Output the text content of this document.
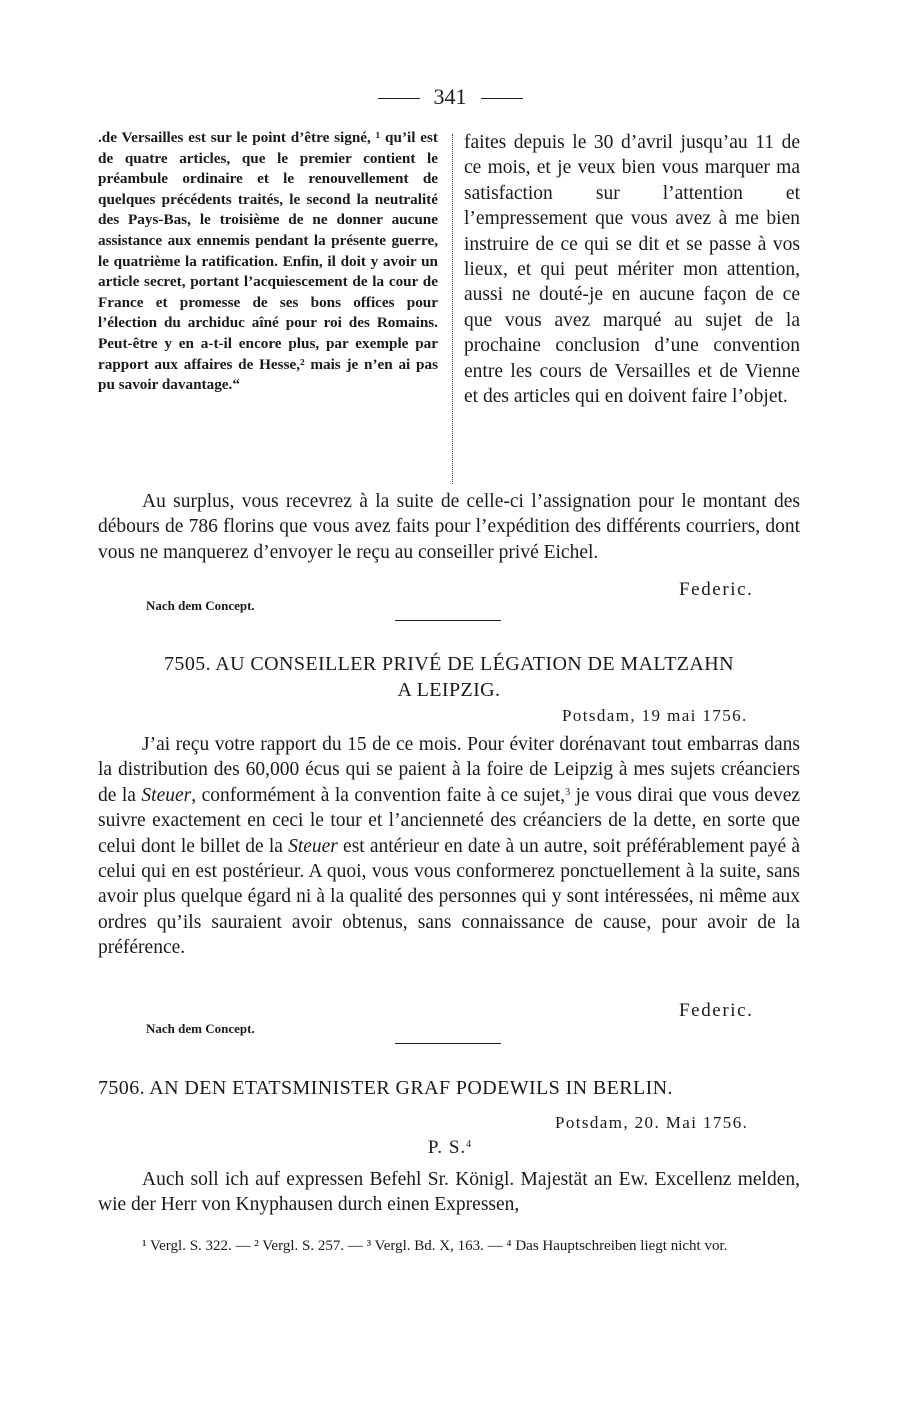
341
.de Versailles est sur le point d’être signé, ¹ qu’il est de quatre articles, que le premier contient le préambule ordinaire et le renouvellement de quelques précédents traités, le second la neutralité des Pays-Bas, le troisième de ne donner aucune assistance aux ennemis pendant la présente guerre, le quatrième la ratification. Enfin, il doit y avoir un article secret, portant l’acquiescement de la cour de France et promesse de ses bons offices pour l’élection du archiduc aîné pour roi des Romains. Peut-être y en a-t-il encore plus, par exemple par rapport aux affaires de Hesse,² mais je n’en ai pas pu savoir davantage.“
faites depuis le 30 d’avril jusqu’au 11 de ce mois, et je veux bien vous marquer ma satisfaction sur l’attention et l’empressement que vous avez à me bien instruire de ce qui se dit et se passe à vos lieux, et qui peut mériter mon attention, aussi ne douté-je en aucune façon de ce que vous avez marqué au sujet de la prochaine conclusion d’une convention entre les cours de Versailles et de Vienne et des articles qui en doivent faire l’objet.
Au surplus, vous recevrez à la suite de celle-ci l’assignation pour le montant des débours de 786 florins que vous avez faits pour l’expédition des différents courriers, dont vous ne manquerez d’envoyer le reçu au conseiller privé Eichel.
Federic.
Nach dem Concept.
7505. AU CONSEILLER PRIVÉ DE LÉGATION DE MALTZAHN
A LEIPZIG.
Potsdam, 19 mai 1756.
J’ai reçu votre rapport du 15 de ce mois. Pour éviter dorénavant tout embarras dans la distribution des 60,000 écus qui se paient à la foire de Leipzig à mes sujets créanciers de la Steuer, conformément à la convention faite à ce sujet,$^3$ je vous dirai que vous devez suivre exactement en ceci le tour et l’ancienneté des créanciers de la dette, en sorte que celui dont le billet de la Steuer est antérieur en date à un autre, soit préférablement payé à celui qui en est postérieur. A quoi, vous vous conformerez ponctuellement à la suite, sans avoir plus quelque égard ni à la qualité des personnes qui y sont intéressées, ni même aux ordres qu’ils sauraient avoir obtenus, sans connaissance de cause, pour avoir de la préférence.
Federic.
Nach dem Concept.
7506. AN DEN ETATSMINISTER GRAF PODEWILS IN BERLIN.
Potsdam, 20. Mai 1756.
P. S.$^4$
Auch soll ich auf expressen Befehl Sr. Königl. Majestät an Ew. Excellenz melden, wie der Herr von Knyphausen durch einen Expressen,
¹ Vergl. S. 322. — ² Vergl. S. 257. — ³ Vergl. Bd. X, 163. — ⁴ Das Hauptschreiben liegt nicht vor.
